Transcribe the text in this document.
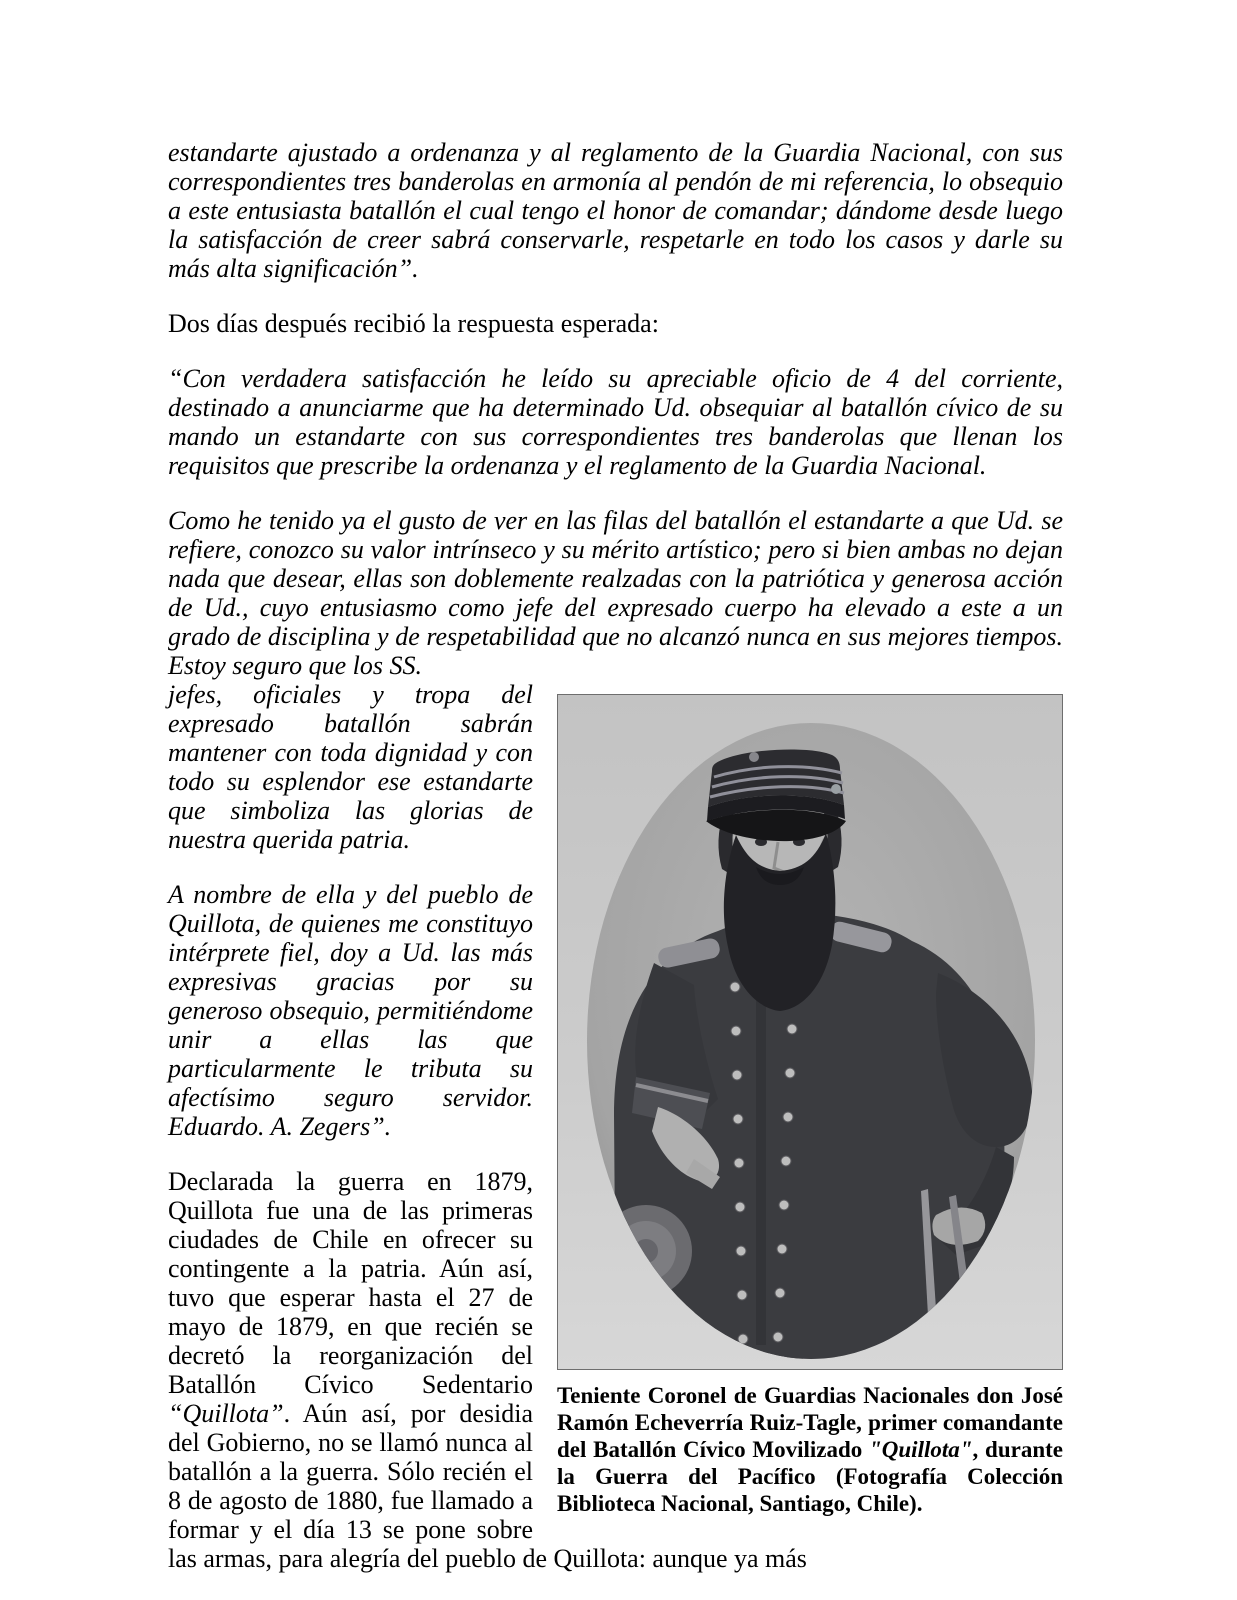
estandarte ajustado a ordenanza y al reglamento de la Guardia Nacional, con sus correspondientes tres banderolas en armonía al pendón de mi referencia, lo obsequio a este entusiasta batallón el cual tengo el honor de comandar; dándome desde luego la satisfacción de creer sabrá conservarle, respetarle en todo los casos y darle su más alta significación”.

Dos días después recibió la respuesta esperada:

“Con verdadera satisfacción he leído su apreciable oficio de 4 del corriente, destinado a anunciarme que ha determinado Ud. obsequiar al batallón cívico de su mando un estandarte con sus correspondientes tres banderolas que llenan los requisitos que prescribe la ordenanza y el reglamento de la Guardia Nacional.

Como he tenido ya el gusto de ver en las filas del batallón el estandarte a que Ud. se refiere, conozco su valor intrínseco y su mérito artístico; pero si bien ambas no dejan nada que desear, ellas son doblemente realzadas con la patriótica y generosa acción de Ud., cuyo entusiasmo como jefe del expresado cuerpo ha elevado a este a un grado de disciplina y de respetabilidad que no alcanzó nunca en sus mejores tiempos. Estoy seguro que los SS.

Teniente Coronel de Guardias Nacionales don José Ramón Echeverría Ruiz-Tagle, primer comandante del Batallón Cívico Movilizado "Quillota", durante la Guerra del Pacífico (Fotografía Colección Biblioteca Nacional, Santiago, Chile).
jefes, oficiales y tropa del expresado batallón sabrán mantener con toda dignidad y con todo su esplendor ese estandarte que simboliza las glorias de nuestra querida patria.

A nombre de ella y del pueblo de Quillota, de quienes me constituyo intérprete fiel, doy a Ud. las más expresivas gracias por su generoso obsequio, permitiéndome unir a ellas las que particularmente le tributa su afectísimo seguro servidor. Eduardo. A. Zegers”.

Declarada la guerra en 1879, Quillota fue una de las primeras ciudades de Chile en ofrecer su contingente a la patria. Aún así, tuvo que esperar hasta el 27 de mayo de 1879, en que recién se decretó la reorganización del Batallón Cívico Sedentario “Quillota”. Aún así, por desidia del Gobierno, no se llamó nunca al batallón a la guerra. Sólo recién el 8 de agosto de 1880, fue llamado a formar y el día 13 se pone sobre las armas, para alegría del pueblo de Quillota: aunque ya más
